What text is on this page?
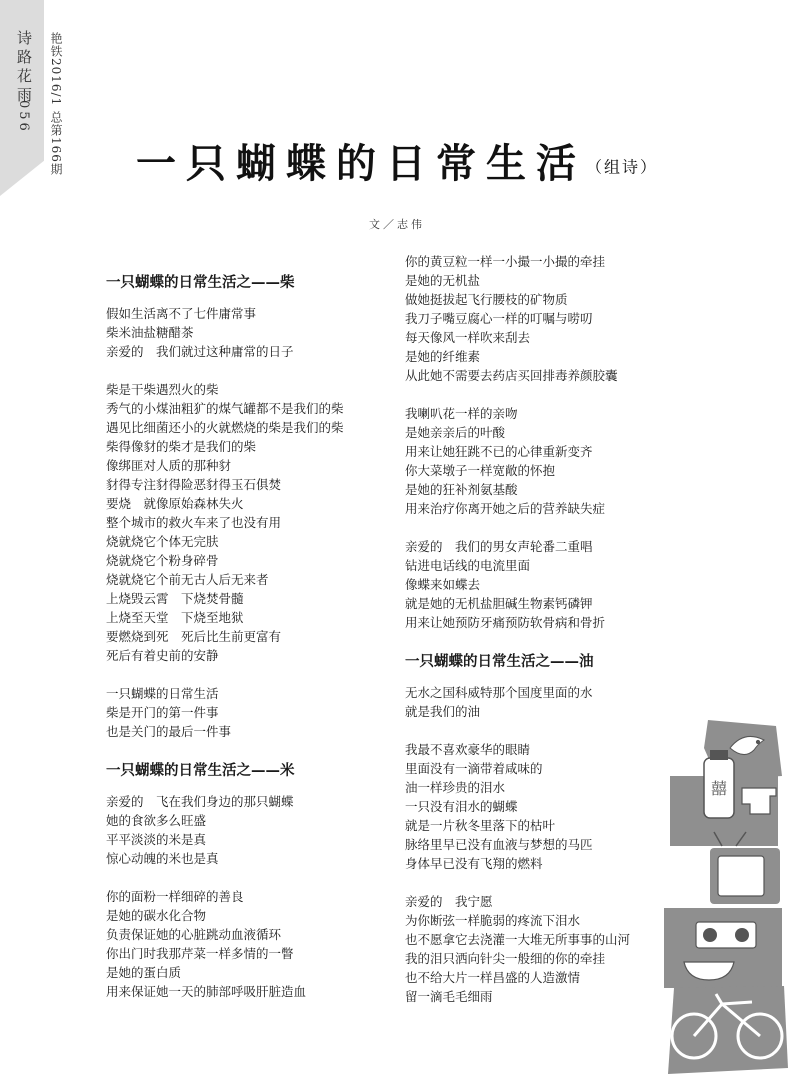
诗路花雨
056 艳铁2016/1 总第166期	一只蝴蝶的日常生活（组诗）
文／志伟
一只蝴蝶的日常生活之——柴
假如生活离不了七件庸常事
柴米油盐糖醋茶
亲爱的　我们就过这种庸常的日子
柴是干柴遇烈火的柴
秀气的小煤油粗犷的煤气罐都不是我们的柴
遇见比细菌还小的火就燃烧的柴是我们的柴
柴得像豺的柴才是我们的柴
像绑匪对人质的那种豺
豺得专注豺得险恶豺得玉石俱焚
要烧　就像原始森林失火
整个城市的救火车来了也没有用
烧就烧它个体无完肤
烧就烧它个粉身碎骨
烧就烧它个前无古人后无来者
上烧毁云霄　下烧焚骨髓
上烧至天堂　下烧至地狱
要燃烧到死　死后比生前更富有
死后有着史前的安静
一只蝴蝶的日常生活
柴是开门的第一件事
也是关门的最后一件事
一只蝴蝶的日常生活之——米
亲爱的　飞在我们身边的那只蝴蝶
她的食欲多么旺盛
平平淡淡的米是真
惊心动魄的米也是真
你的面粉一样细碎的善良
是她的碳水化合物
负责保证她的心脏跳动血液循环
你出门时我那芹菜一样多情的一瞥
是她的蛋白质
用来保证她一天的肺部呼吸肝脏造血
你的黄豆粒一样一小撮一小撮的牵挂
是她的无机盐
做她挺拔起飞行腰枝的矿物质
我刀子嘴豆腐心一样的叮嘱与唠叨
每天像风一样吹来刮去
是她的纤维素
从此她不需要去药店买回排毒养颜胶囊
我喇叭花一样的亲吻
是她亲亲后的叶酸
用来让她狂跳不已的心律重新变齐
你大菜墩子一样宽敞的怀抱
是她的狂补剂氨基酸
用来治疗你离开她之后的营养缺失症
亲爱的　我们的男女声轮番二重唱
钻进电话线的电流里面
像蝶来如蝶去
就是她的无机盐胆碱生物素钙磷钾
用来让她预防牙痛预防软骨病和骨折
一只蝴蝶的日常生活之——油
无水之国科威特那个国度里面的水
就是我们的油
我最不喜欢豪华的眼睛
里面没有一滴带着咸味的
油一样珍贵的泪水
一只没有泪水的蝴蝶
就是一片秋冬里落下的枯叶
脉络里早已没有血液与梦想的马匹
身体早已没有飞翔的燃料
亲爱的　我宁愿
为你断弦一样脆弱的疼流下泪水
也不愿拿它去浇灌一大堆无所事事的山河
我的泪只洒向针尖一般细的你的牵挂
也不给大片一样昌盛的人造激情
留一滴毛毛细雨
囍
